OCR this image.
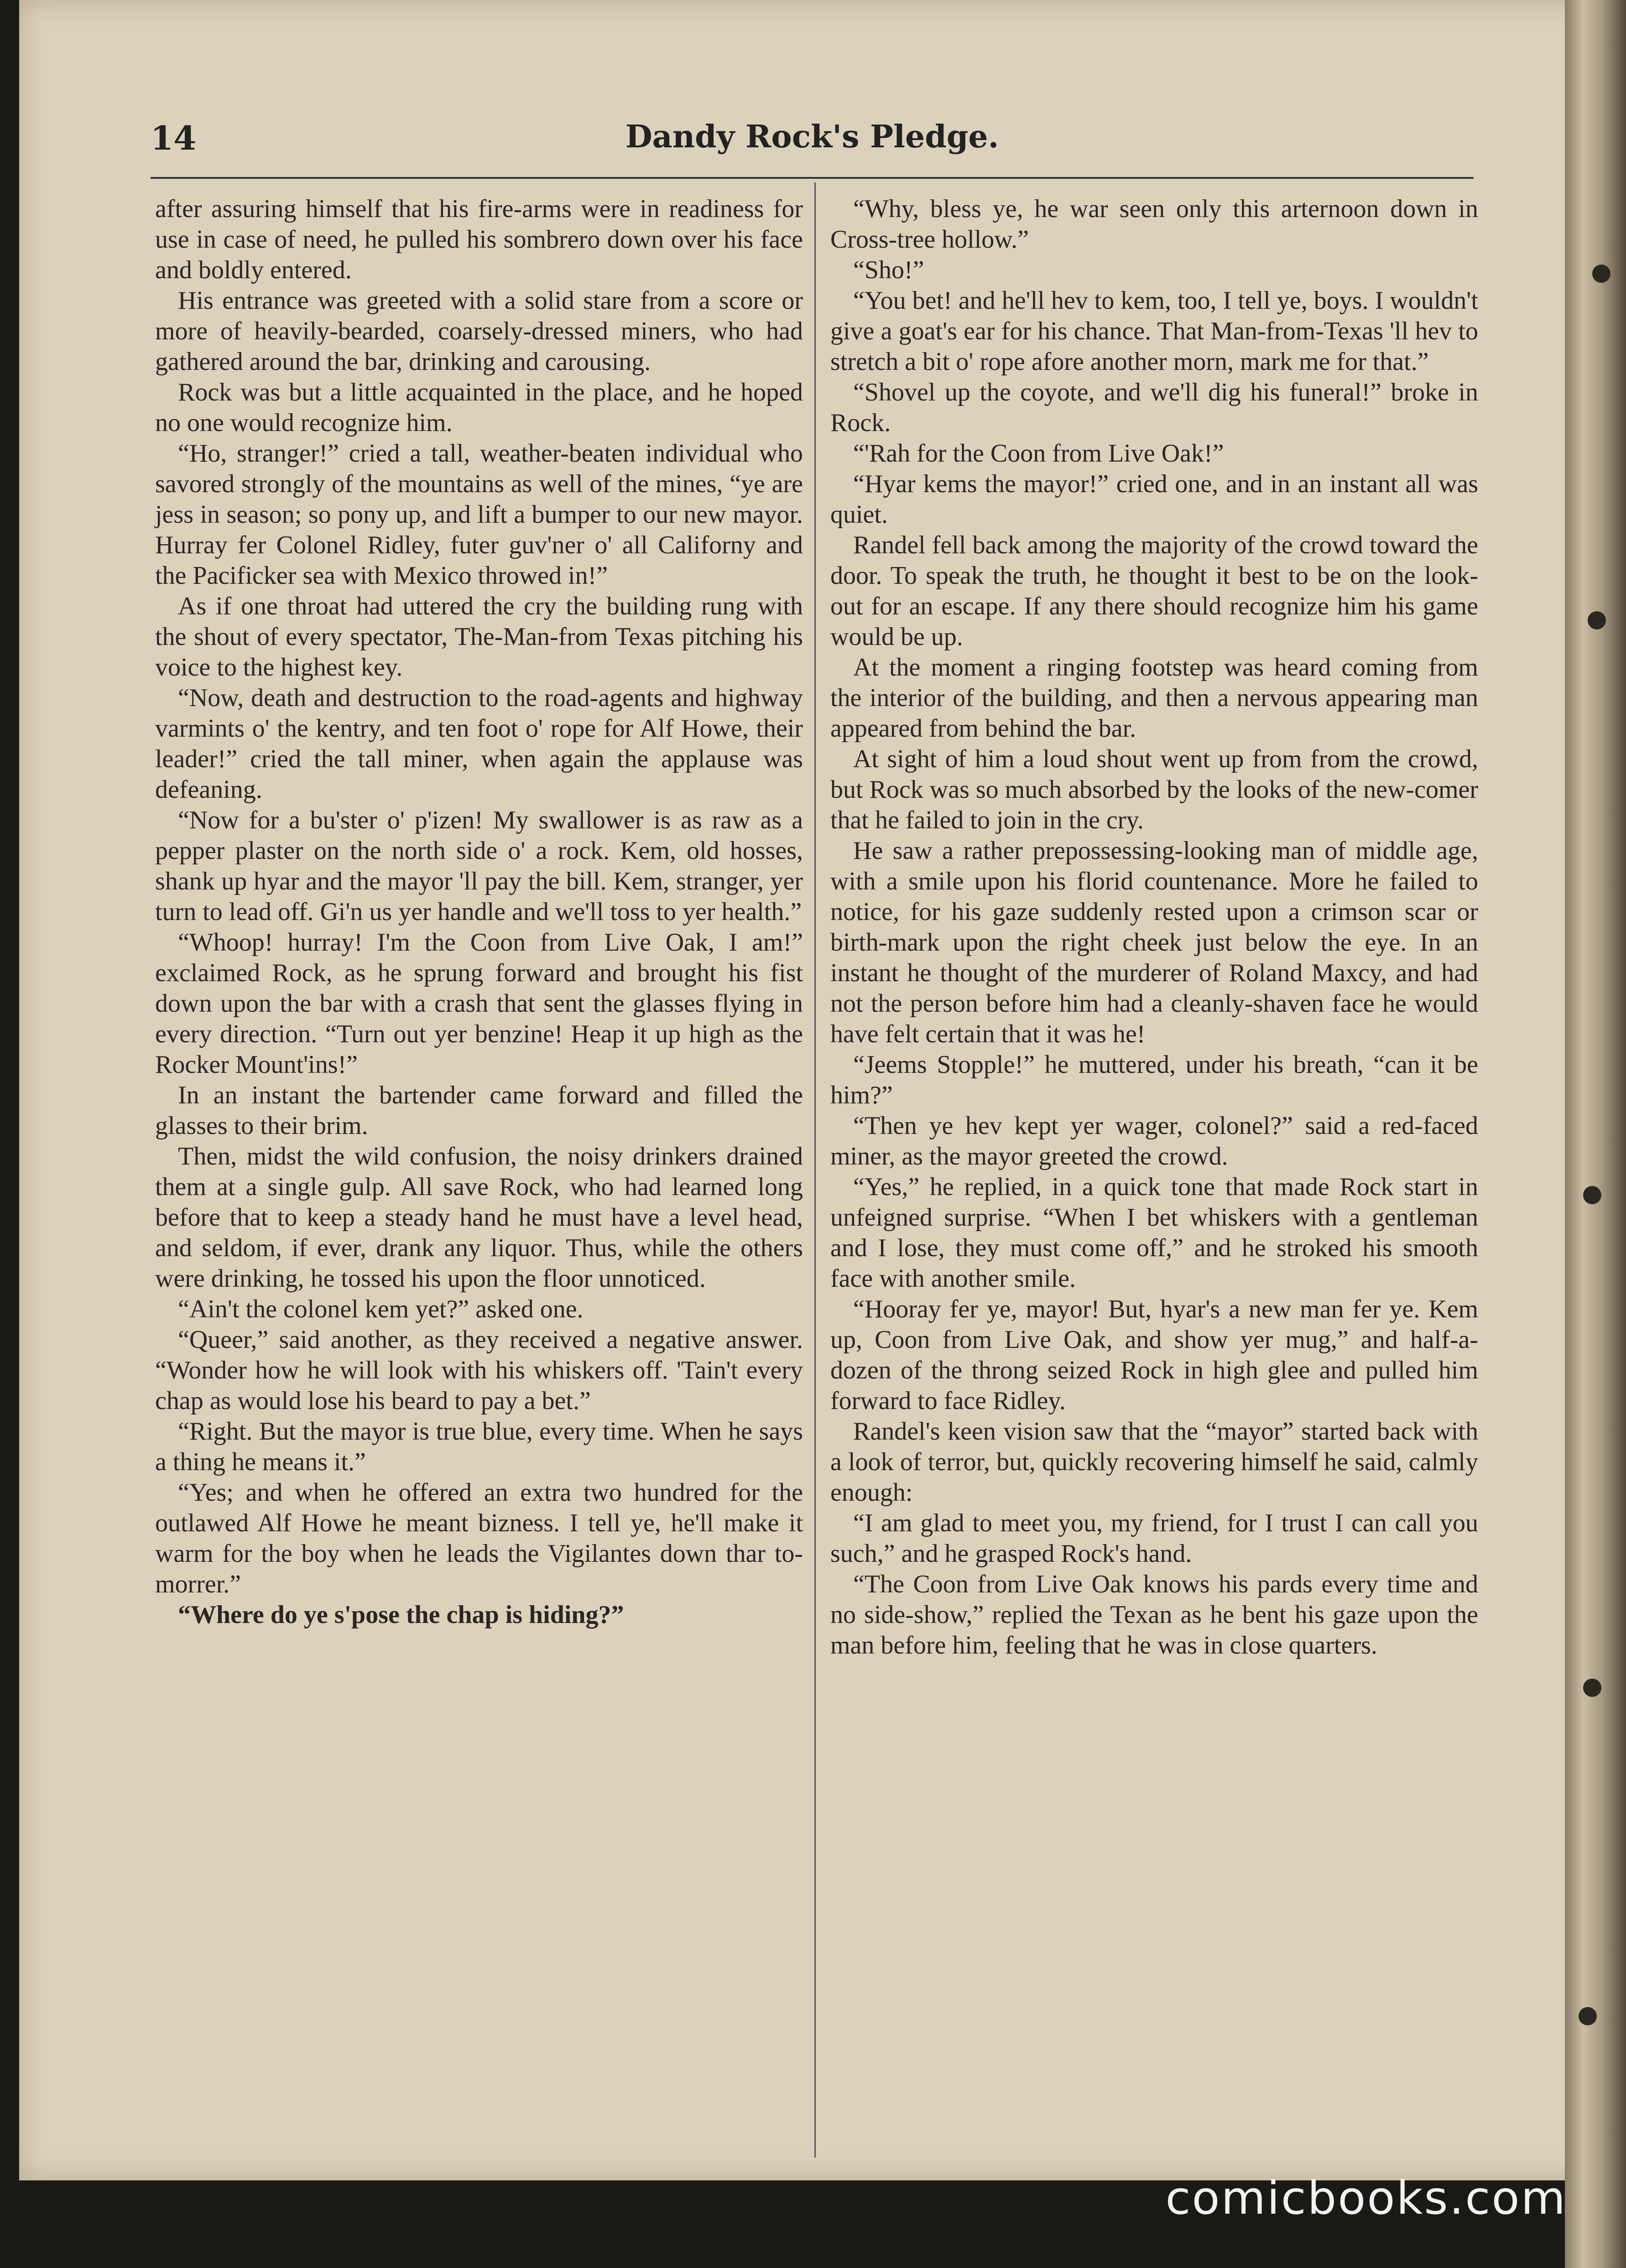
14	Dandy Rock's Pledge.

after assuring himself that his fire-arms were in readiness for use in case of need, he pulled his sombrero down over his face and boldly entered.

His entrance was greeted with a solid stare from a score or more of heavily-bearded, coarsely-dressed miners, who had gathered around the bar, drinking and carousing.

Rock was but a little acquainted in the place, and he hoped no one would recognize him.

“Ho, stranger!” cried a tall, weather-beaten individual who savored strongly of the mountains as well of the mines, “ye are jess in season; so pony up, and lift a bumper to our new mayor. Hurray fer Colonel Ridley, futer guv'ner o' all Californy and the Pacificker sea with Mexico throwed in!”

As if one throat had uttered the cry the building rung with the shout of every spectator, The-Man-from Texas pitching his voice to the highest key.

“Now, death and destruction to the road-agents and highway varmints o' the kentry, and ten foot o' rope for Alf Howe, their leader!” cried the tall miner, when again the applause was defeaning.

“Now for a bu'ster o' p'izen! My swallower is as raw as a pepper plaster on the north side o' a rock. Kem, old hosses, shank up hyar and the mayor 'll pay the bill. Kem, stranger, yer turn to lead off. Gi'n us yer handle and we'll toss to yer health.”

“Whoop! hurray! I'm the Coon from Live Oak, I am!” exclaimed Rock, as he sprung forward and brought his fist down upon the bar with a crash that sent the glasses flying in every direction. “Turn out yer benzine! Heap it up high as the Rocker Mount'ins!”

In an instant the bartender came forward and filled the glasses to their brim.

Then, midst the wild confusion, the noisy drinkers drained them at a single gulp. All save Rock, who had learned long before that to keep a steady hand he must have a level head, and seldom, if ever, drank any liquor. Thus, while the others were drinking, he tossed his upon the floor unnoticed.

“Ain't the colonel kem yet?” asked one.

“Queer,” said another, as they received a negative answer. “Wonder how he will look with his whiskers off. 'Tain't every chap as would lose his beard to pay a bet.”

“Right. But the mayor is true blue, every time. When he says a thing he means it.”

“Yes; and when he offered an extra two hundred for the outlawed Alf Howe he meant bizness. I tell ye, he'll make it warm for the boy when he leads the Vigilantes down thar to-morrer.”

“Where do ye s'pose the chap is hiding?”

“Why, bless ye, he war seen only this arternoon down in Cross-tree hollow.”

“Sho!”

“You bet! and he'll hev to kem, too, I tell ye, boys. I wouldn't give a goat's ear for his chance. That Man-from-Texas 'll hev to stretch a bit o' rope afore another morn, mark me for that.”

“Shovel up the coyote, and we'll dig his funeral!” broke in Rock.

“'Rah for the Coon from Live Oak!”

“Hyar kems the mayor!” cried one, and in an instant all was quiet.

Randel fell back among the majority of the crowd toward the door. To speak the truth, he thought it best to be on the look-out for an escape. If any there should recognize him his game would be up.

At the moment a ringing footstep was heard coming from the interior of the building, and then a nervous appearing man appeared from behind the bar.

At sight of him a loud shout went up from from the crowd, but Rock was so much absorbed by the looks of the new-comer that he failed to join in the cry.

He saw a rather prepossessing-looking man of middle age, with a smile upon his florid countenance. More he failed to notice, for his gaze suddenly rested upon a crimson scar or birth-mark upon the right cheek just below the eye. In an instant he thought of the murderer of Roland Maxcy, and had not the person before him had a cleanly-shaven face he would have felt certain that it was he!

“Jeems Stopple!” he muttered, under his breath, “can it be him?”

“Then ye hev kept yer wager, colonel?” said a red-faced miner, as the mayor greeted the crowd.

“Yes,” he replied, in a quick tone that made Rock start in unfeigned surprise. “When I bet whiskers with a gentleman and I lose, they must come off,” and he stroked his smooth face with another smile.

“Hooray fer ye, mayor! But, hyar's a new man fer ye. Kem up, Coon from Live Oak, and show yer mug,” and half-a-dozen of the throng seized Rock in high glee and pulled him forward to face Ridley.

Randel's keen vision saw that the “mayor” started back with a look of terror, but, quickly recovering himself he said, calmly enough:

“I am glad to meet you, my friend, for I trust I can call you such,” and he grasped Rock's hand.

“The Coon from Live Oak knows his pards every time and no side-show,” replied the Texan as he bent his gaze upon the man before him, feeling that he was in close quarters.

comicbooks.com
